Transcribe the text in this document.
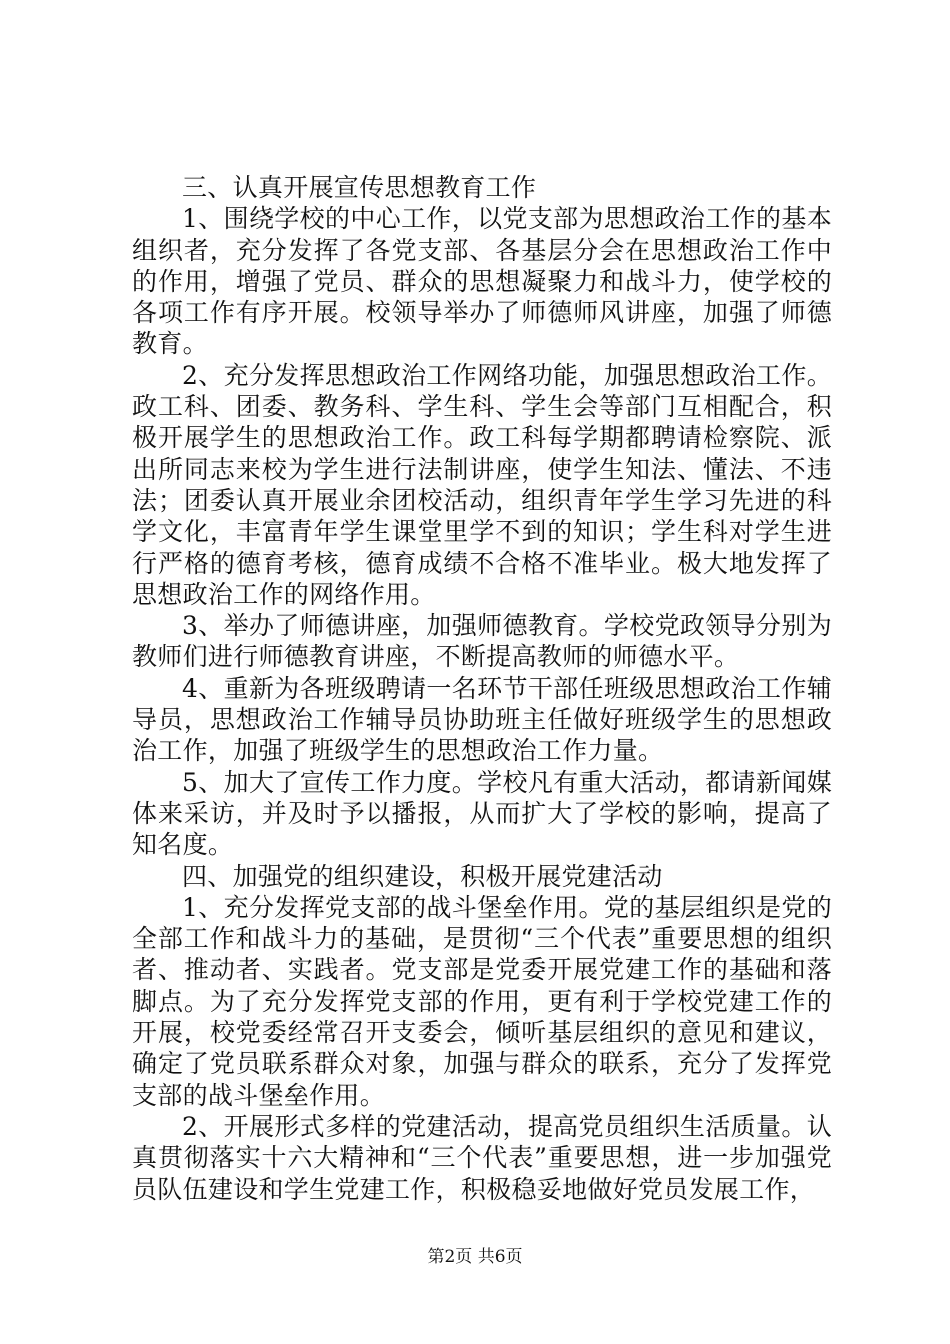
三、认真开展宣传思想教育工作

1、围绕学校的中心工作，以党支部为思想政治工作的基本组织者，充分发挥了各党支部、各基层分会在思想政治工作中的作用，增强了党员、群众的思想凝聚力和战斗力，使学校的各项工作有序开展。校领导举办了师德师风讲座，加强了师德教育。

2、充分发挥思想政治工作网络功能，加强思想政治工作。政工科、团委、教务科、学生科、学生会等部门互相配合，积极开展学生的思想政治工作。政工科每学期都聘请检察院、派出所同志来校为学生进行法制讲座，使学生知法、懂法、不违法；团委认真开展业余团校活动，组织青年学生学习先进的科学文化，丰富青年学生课堂里学不到的知识；学生科对学生进行严格的德育考核，德育成绩不合格不准毕业。极大地发挥了思想政治工作的网络作用。

3、举办了师德讲座，加强师德教育。学校党政领导分别为教师们进行师德教育讲座，不断提高教师的师德水平。

4、重新为各班级聘请一名环节干部任班级思想政治工作辅导员，思想政治工作辅导员协助班主任做好班级学生的思想政治工作，加强了班级学生的思想政治工作力量。

5、加大了宣传工作力度。学校凡有重大活动，都请新闻媒体来采访，并及时予以播报，从而扩大了学校的影响，提高了知名度。

四、加强党的组织建设，积极开展党建活动

1、充分发挥党支部的战斗堡垒作用。党的基层组织是党的全部工作和战斗力的基础，是贯彻“三个代表”重要思想的组织者、推动者、实践者。党支部是党委开展党建工作的基础和落脚点。为了充分发挥党支部的作用，更有利于学校党建工作的开展，校党委经常召开支委会，倾听基层组织的意见和建议，确定了党员联系群众对象，加强与群众的联系，充分了发挥党支部的战斗堡垒作用。

2、开展形式多样的党建活动，提高党员组织生活质量。认真贯彻落实十六大精神和“三个代表”重要思想，进一步加强党员队伍建设和学生党建工作，积极稳妥地做好党员发展工作，

第2页 共6页
